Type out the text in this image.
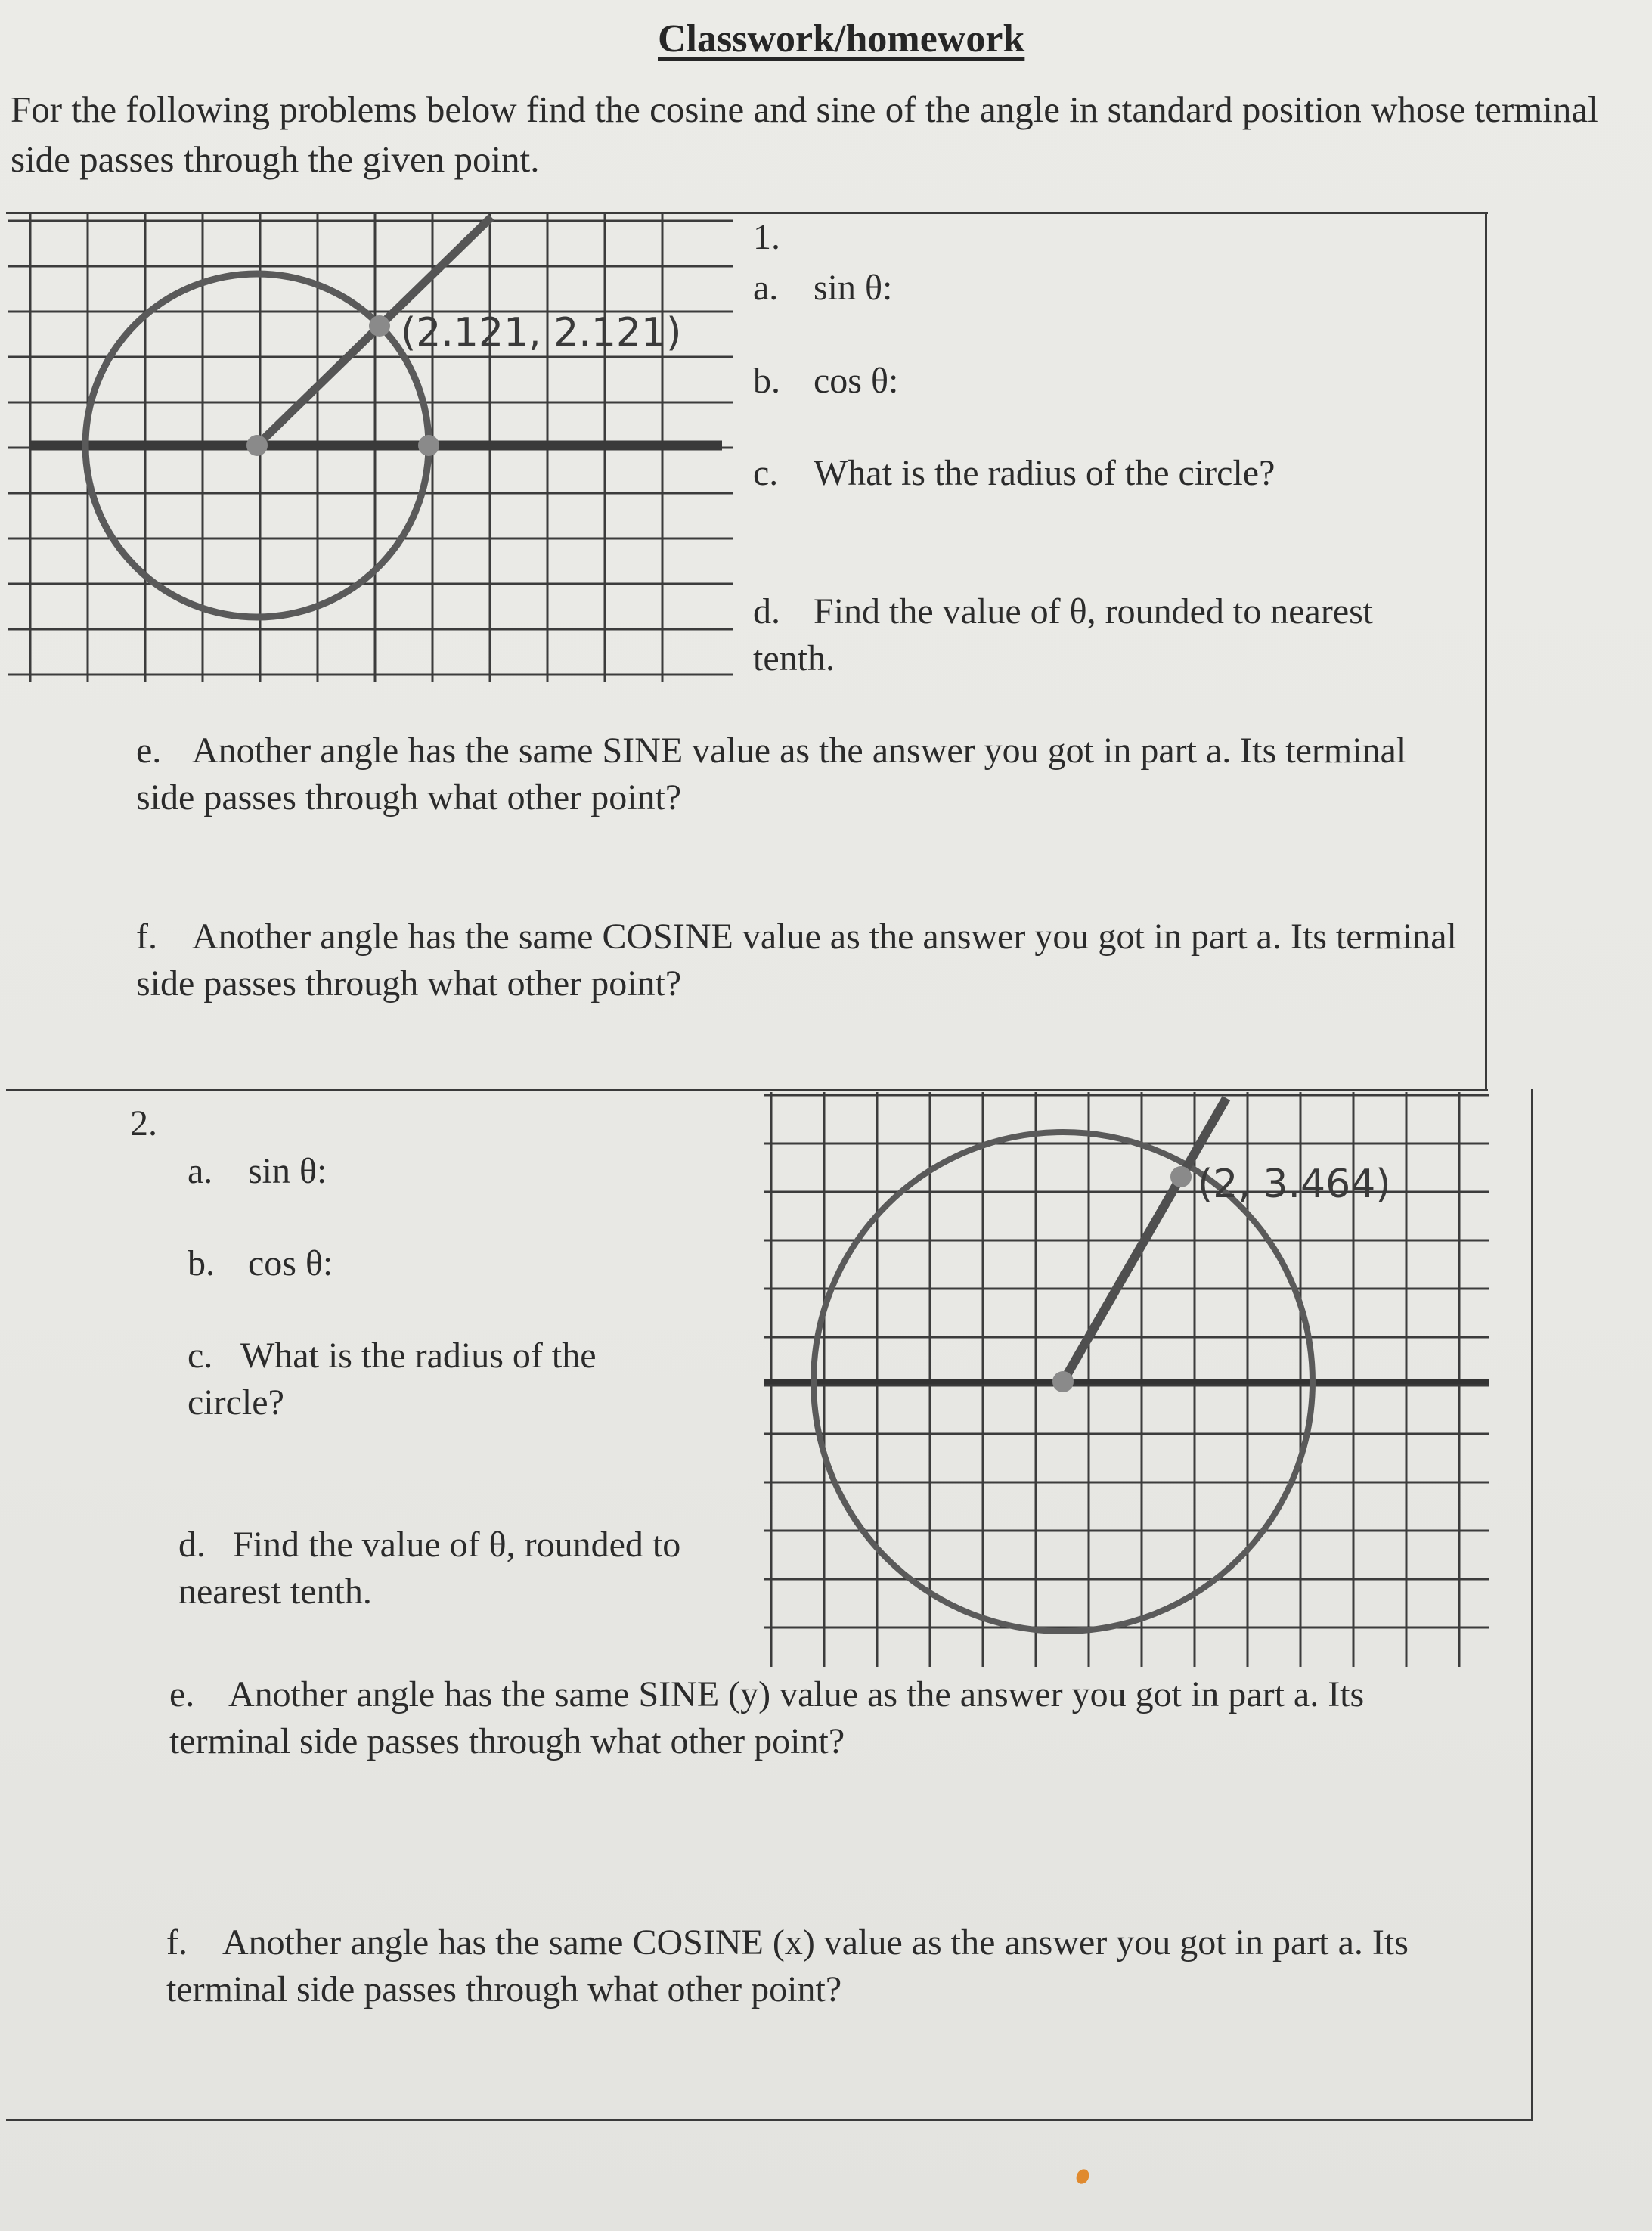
Classwork/homework
For the following problems below find the cosine and sine of the angle in standard position whose terminal side passes through the given point.
(2.121, 2.121)
1.
a. sin θ:
b. cos θ:
c. What is the radius of the circle?
d. Find the value of θ, rounded to nearest tenth.
e. Another angle has the same SINE value as the answer you got in part a. Its terminal side passes through what other point?
f. Another angle has the same COSINE value as the answer you got in part a. Its terminal side passes through what other point?
2.
a. sin θ:
b. cos θ:
c. What is the radius of the circle?
d. Find the value of θ, rounded to nearest tenth.
e. Another angle has the same SINE (y) value as the answer you got in part a. Its terminal side passes through what other point?
f. Another angle has the same COSINE (x) value as the answer you got in part a. Its terminal side passes through what other point?
(2, 3.464)
